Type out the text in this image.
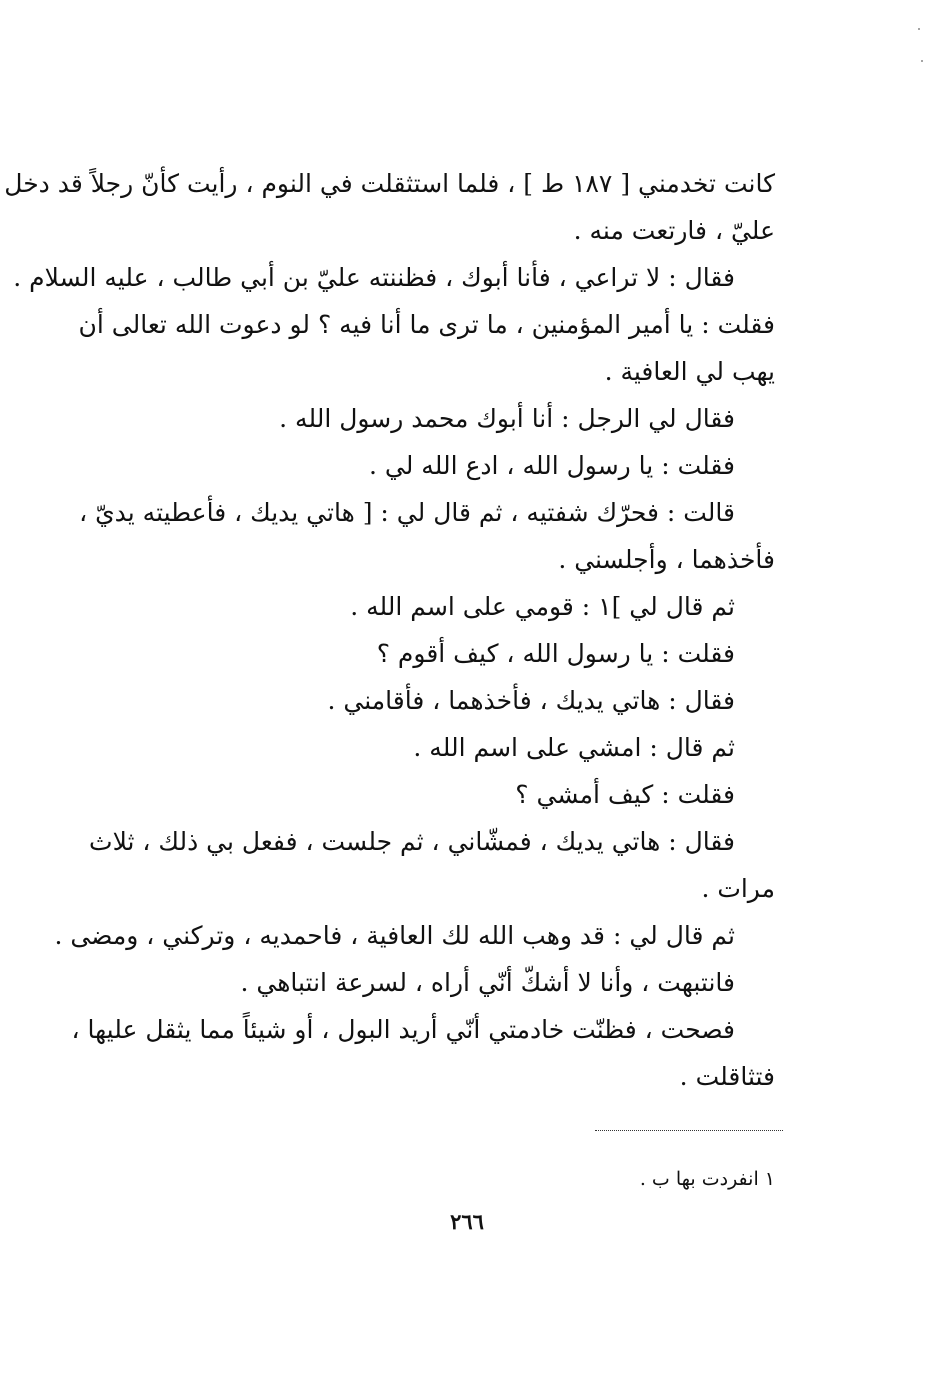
كانت تخدمني [ ١٨٧ ط ] ، فلما استثقلت في النوم ، رأيت كأنّ رجلاً قد دخل
عليّ ، فارتعت منه .
فقال : لا تراعي ، فأنا أبوك ، فظننته عليّ بن أبي طالب ، عليه السلام .
فقلت : يا أمير المؤمنين ، ما ترى ما أنا فيه ؟ لو دعوت الله تعالى أن
يهب لي العافية .
فقال لي الرجل : أنا أبوك محمد رسول الله .
فقلت : يا رسول الله ، ادع الله لي .
قالت : فحرّك شفتيه ، ثم قال لي : [ هاتي يديك ، فأعطيته يديّ ،
فأخذهما ، وأجلسني .
ثم قال لي ]١ : قومي على اسم الله .
فقلت : يا رسول الله ، كيف أقوم ؟
فقال : هاتي يديك ، فأخذهما ، فأقامني .
ثم قال : امشي على اسم الله .
فقلت : كيف أمشي ؟
فقال : هاتي يديك ، فمشّاني ، ثم جلست ، ففعل بي ذلك ، ثلاث
مرات .
ثم قال لي : قد وهب الله لك العافية ، فاحمديه ، وتركني ، ومضى .
فانتبهت ، وأنا لا أشكّ أنّي أراه ، لسرعة انتباهي .
فصحت ، فظنّت خادمتي أنّي أريد البول ، أو شيئاً مما يثقل عليها ،
فتثاقلت .
١ انفردت بها ب .
٢٦٦
